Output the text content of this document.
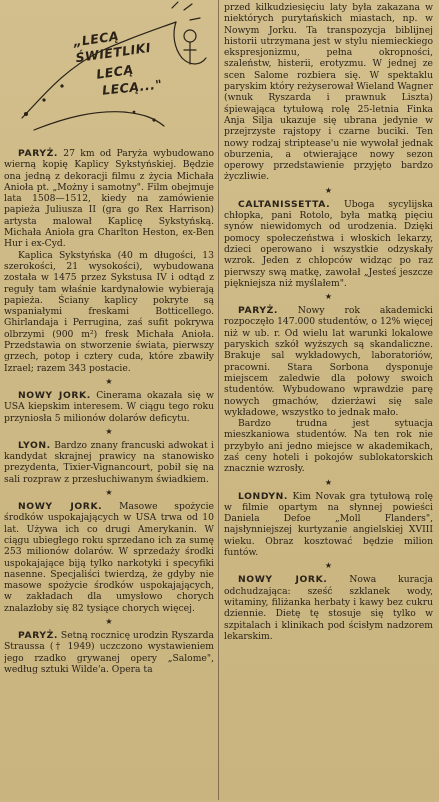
„LECĄ ŚWIETLIKI
LECĄ
LECĄ..."

PARYŻ. 27 km od Paryża wybudowano wierną kopię Kaplicy Sykstyńskiej. Będzie ona jedną z dekoracji filmu z życia Michała Anioła pt. „Możny i samotny". Film obejmuje lata 1508—1512, kiedy na zamówienie papieża Juliusza II (gra go Rex Harrison) artysta malował Kaplicę Sykstyńską. Michała Anioła gra Charlton Heston, ex-Ben Hur i ex-Cyd.

Kaplica Sykstyńska (40 m długości, 13 szerokości, 21 wysokości), wybudowana została w 1475 przez Sykstusa IV i odtąd z reguły tam właśnie kardynałowie wybierają papieża. Ściany kaplicy pokryte są wspaniałymi freskami Botticellego. Ghirlandaja i Perrugina, zaś sufit pokrywa olbrzymi (900 m²) fresk Michała Anioła. Przedstawia on stworzenie świata, pierwszy grzech, potop i cztery cuda, które zbawiły Izrael; razem 343 postacie.

★

NOWY JORK. Cinerama okazała się w USA kiepskim interesem. W ciągu tego roku przyniosła 5 milionów dolarów deficytu.

★

LYON. Bardzo znany francuski adwokat i kandydat skrajnej prawicy na stanowisko prezydenta, Tixier-Vignancourt, pobił się na sali rozpraw z przesłuchiwanym świadkiem.

★

NOWY JORK. Masowe spożycie środków uspokajających w USA trwa od 10 lat. Używa ich co drugi Amerykanin. W ciągu ubiegłego roku sprzedano ich za sumę 253 milionów dolarów. W sprzedaży środki uspokajające biją tylko narkotyki i specyfiki nasenne. Specjaliści twierdzą, że gdyby nie masowe spożycie środków uspokajających, w zakładach dla umysłowo chorych znalazłoby się 82 tysiące chorych więcej.

★

PARYŻ. Setną rocznicę urodzin Ryszarda Straussa († 1949) uczczono wystawieniem jego rzadko grywanej opery „Salome", według sztuki Wilde'a. Opera ta

przed kilkudziesięciu laty była zakazana w niektórych purytańskich miastach, np. w Nowym Jorku. Ta transpozycja biblijnej historii utrzymana jest w stylu niemieckiego ekspresjonizmu, pełna okropności, szaleństw, histerii, erotyzmu. W jednej ze scen Salome rozbiera się. W spektaklu paryskim który reżyserował Wieland Wagner (wnuk Ryszarda i prawnuk Liszta) śpiewająca tytułową rolę 25-letnia Finka Anja Silja ukazuje się ubrana jedynie w przejrzyste rajstopy i czarne buciki. Ten nowy rodzaj striptease'u nie wywołał jednak oburzenia, a otwierające nowy sezon operowy przedstawienie przyjęto bardzo życzliwie.

★

CALTANISSETTA. Uboga sycylijska chłopka, pani Rotolo, była matką pięciu synów niewidomych od urodzenia. Dzięki pomocy społeczeństwa i włoskich lekarzy, dzieci operowano i wszystkie odzyskały wzrok. Jeden z chłopców widząc po raz pierwszy swą matkę, zawołał „Jesteś jeszcze piękniejsza niż myślałem".

★

PARYŻ. Nowy rok akademicki rozpoczęło 147.000 studentów, o 12% więcej niż w ub. r. Od wielu lat warunki lokalowe paryskich szkół wyższych są skandaliczne. Brakuje sal wykładowych, laboratoriów, pracowni. Stara Sorbona dysponuje miejscem zaledwie dla połowy swoich studentów. Wybudowano wprawdzie parę nowych gmachów, dzierżawi się sale wykładowe, wszystko to jednak mało.

Bardzo trudna jest sytuacja mieszkaniowa studentów. Na ten rok nie przybyło ani jedno miejsce w akademikach, zaś ceny hoteli i pokojów sublokatorskich znacznie wzrosły.

★

LONDYN. Kim Novak gra tytułową rolę w filmie opartym na słynnej powieści Daniela Defoe „Moll Flanders", najsłynniejszej kurtyzanie angielskiej XVIII wieku. Obraz kosztować będzie milion funtów.

★

NOWY JORK. Nowa kuracja odchudzająca: sześć szklanek wody, witaminy, filiżanka herbaty i kawy bez cukru dziennie. Dietę tę stosuje się tylko w szpitalach i klinikach pod ścisłym nadzorem lekarskim.
